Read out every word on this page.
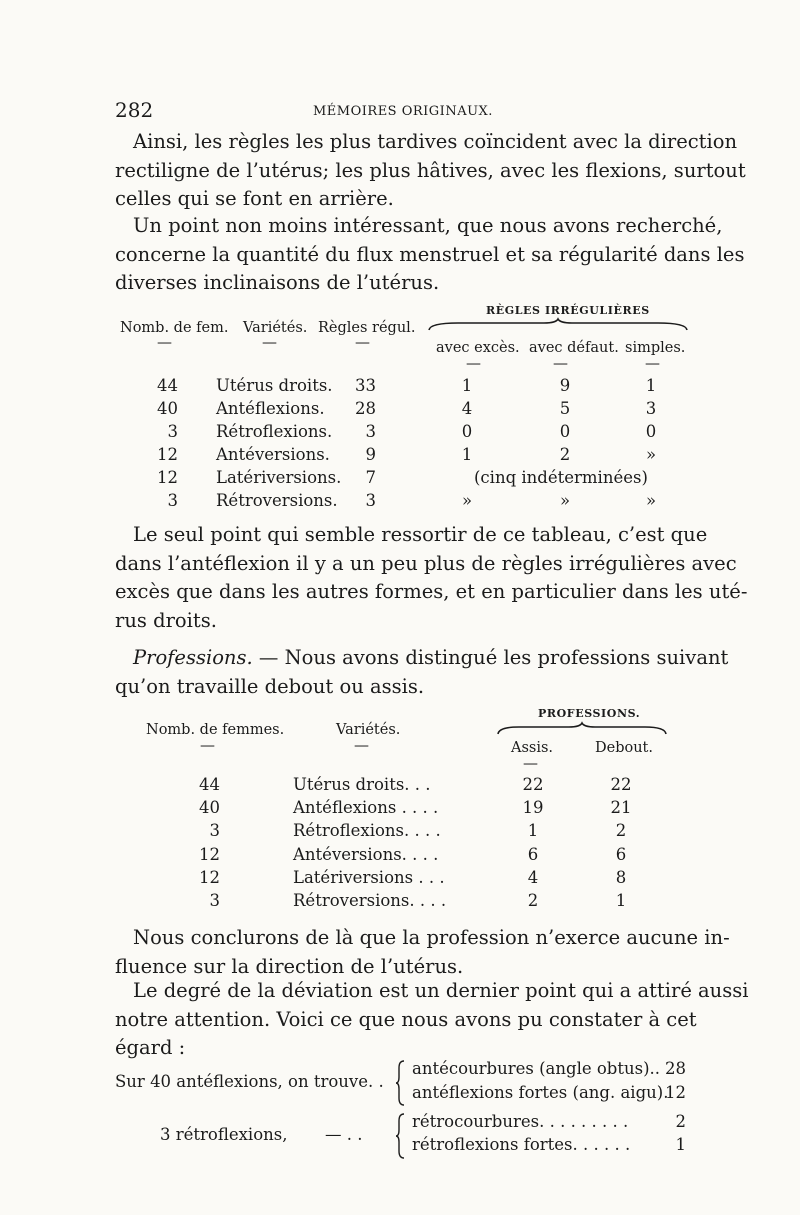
282	MÉMOIRES ORIGINAUX.
Ainsi, les règles les plus tardives coïncident avec la direction
rectiligne de l’utérus; les plus hâtives, avec les flexions, surtout
celles qui se font en arrière.
Un point non moins intéressant, que nous avons recherché,
concerne la quantité du flux menstruel et sa régularité dans les
diverses inclinaisons de l’utérus.
RÈGLES IRRÉGULIÈRES
Nomb. de fem. Variétés. Règles régul.
avec excès. avec défaut. simples.
—	—	—
—	—	—
44 Utérus droits.	33	1	9	1
40 Antéflexions.	28	4	5	3
3 Rétroflexions.	3	0	0	0
12 Antéversions.	9	1	2	»
12 Latériversions.	7	(cinq indéterminées)
3 Rétroversions.	3	»	»	»
Le seul point qui semble ressortir de ce tableau, c’est que
dans l’antéflexion il y a un peu plus de règles irrégulières avec
excès que dans les autres formes, et en particulier dans les uté-
rus droits.
Professions. — Nous avons distingué les professions suivant
qu’on travaille debout ou assis.
PROFESSIONS.
Nomb. de femmes.	Variétés.
Assis.	Debout.
—	—
—
44	Utérus droits. . .	22	22
40	Antéflexions . . . .	19	21
3	Rétroflexions. . . .	1	2
12	Antéversions. . . .	6	6
12	Latériversions . . .	4	8
3	Rétroversions. . . .	2	1
Nous conclurons de là que la profession n’exerce aucune in-
fluence sur la direction de l’utérus.
Le degré de la déviation est un dernier point qui a attiré aussi
notre attention. Voici ce que nous avons pu constater à cet
égard :
Sur 40 antéflexions, on trouve. .
antécourbures (angle obtus).. 28
antéflexions fortes (ang. aigu).
12
3 rétroflexions, — . .
rétrocourbures. . . . . . . . .	2
rétroflexions fortes. . . . . .	1
